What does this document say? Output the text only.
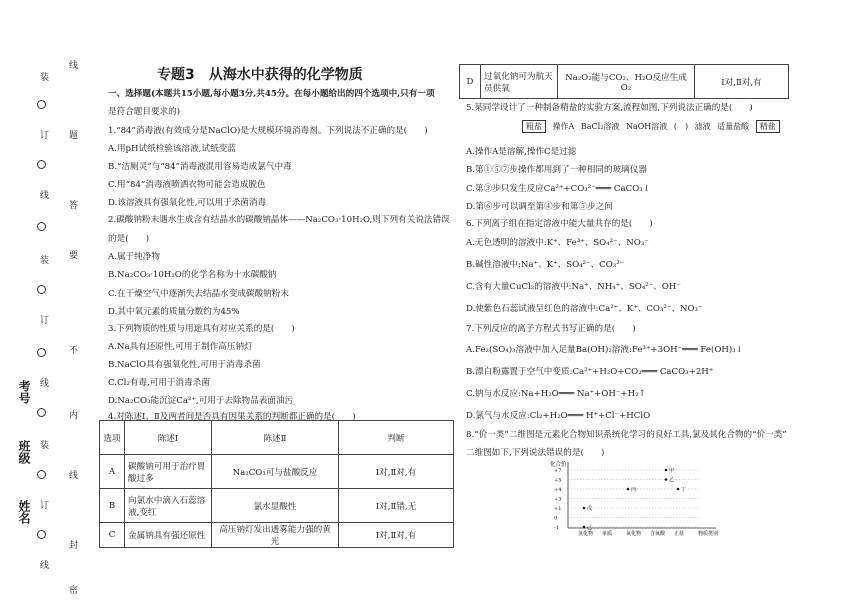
姓名
班级
考号
装
订
线
装
订
线
装
订
线
线
题
答
要
不
内
线
封
密
专题3　从海水中获得的化学物质
一、选择题(本题共15小题,每小题3分,共45分。在每小题给出的四个选项中,只有一项
是符合题目要求的)
1.“84”消毒液(有效成分是NaClO)是大规模环境消毒剂。下列说法不正确的是(　　)
A.用pH试纸检验该溶液,试纸变蓝
B.“洁厕灵”与“84”消毒液混用容易造成氯气中毒
C.用“84”消毒液喷洒衣物可能会造成脱色
D.该溶液具有强氧化性,可以用于杀菌消毒
2.碳酸钠粉末遇水生成含有结晶水的碳酸钠晶体——Na₂CO₃·10H₂O,则下列有关说法错误
的是(　　)
A.属于纯净物
B.Na₂CO₃·10H₂O的化学名称为十水碳酸钠
C.在干燥空气中逐渐失去结晶水变成碳酸钠粉末
D.其中氧元素的质量分数约为45%
3.下列物质的性质与用途具有对应关系的是(　　)
A.Na具有还原性,可用于制作高压钠灯
B.NaClO具有强氧化性,可用于消毒杀菌
C.Cl₂有毒,可用于消毒杀菌
D.Na₂CO₃能沉淀Ca²⁺,可用于去除物品表面油污
4.对陈述Ⅰ、Ⅱ及两者间是否具有因果关系的判断都正确的是(　　)
选项	陈述Ⅰ	陈述Ⅱ	判断
A	碳酸钠可用于治疗胃酸过多	Na₂CO₃可与盐酸反应	Ⅰ对,Ⅱ对,有
B	向氯水中滴入石蕊溶液,变红	氯水显酸性	Ⅰ对,Ⅱ错,无
C	金属钠具有强还原性	高压钠灯发出透雾能力强的黄光	Ⅰ对,Ⅱ对,有
D	过氧化钠可为航天员供氧	Na₂O₂能与CO₂、H₂O反应生成O₂	Ⅰ对,Ⅱ对,有
5.某同学设计了一种制备精盐的实验方案,流程如图,下列说法正确的是(　　)
粗盐 操作A BaCl₂溶液 NaOH溶液 (　) 滤液 适量盐酸 精盐
A.操作A是溶解,操作C是过滤
B.第①⑤⑦步操作都用到了一种相同的玻璃仪器
C.第③步只发生反应Ca²⁺+CO₃²⁻═══ CaCO₃↓
D.第⑥步可以调至第④步和第⑤步之间
6.下列离子组在指定溶液中能大量共存的是(　　)
A.无色透明的溶液中:K⁺、Fe³⁺、SO₄²⁻、NO₃⁻
B.碱性溶液中:Na⁺、K⁺、SO₄²⁻、CO₃²⁻
C.含有大量CuCl₂的溶液中:Na⁺、NH₄⁺、SO₄²⁻、OH⁻
D.使紫色石蕊试液呈红色的溶液中:Ca²⁺、K⁺、CO₃²⁻、NO₃⁻
7.下列反应的离子方程式书写正确的是(　　)
A.Fe₂(SO₄)₃溶液中加入足量Ba(OH)₂溶液:Fe³⁺+3OH⁻═══ Fe(OH)₃↓
B.漂白粉露置于空气中变质:Ca²⁺+H₂O+CO₂═══ CaCO₃+2H⁺
C.钠与水反应:Na+H₂O═══ Na⁺+OH⁻+H₂↑
D.氯气与水反应:Cl₂+H₂O═══ H⁺+Cl⁻+HClO
8.“价一类”二维图是元素化合物知识系统化学习的良好工具,氯及其化合物的“价一类”
二维图如下,下列说法错误的是(　　)
化合价
+7
+5
+4
+3
+1
0
-1
氢化物 单质	氧化物 含氧酸 正盐	物质类别
甲
乙
丙	丁
戊
己
